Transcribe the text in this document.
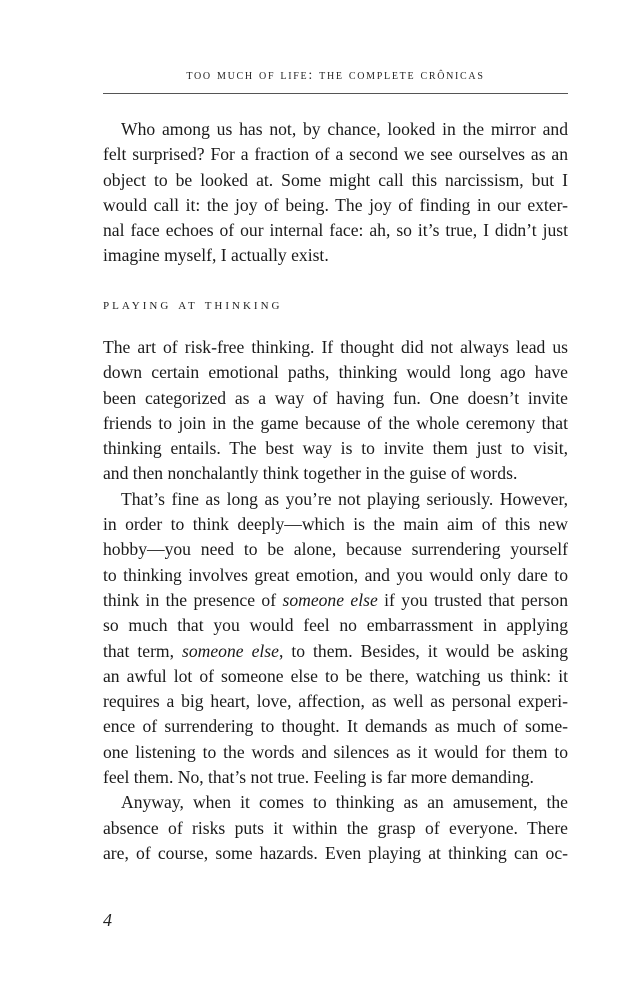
too much of life: the complete crônicas
Who among us has not, by chance, looked in the mirror and
felt surprised? For a fraction of a second we see ourselves as an
object to be looked at. Some might call this narcissism, but I
would call it: the joy of being. The joy of finding in our exter-
nal face echoes of our internal face: ah, so it’s true, I didn’t just
imagine myself, I actually exist.
playing at thinking
The art of risk-free thinking. If thought did not always lead us
down certain emotional paths, thinking would long ago have
been categorized as a way of having fun. One doesn’t invite
friends to join in the game because of the whole ceremony that
thinking entails. The best way is to invite them just to visit,
and then nonchalantly think together in the guise of words.
That’s fine as long as you’re not playing seriously. However,
in order to think deeply—which is the main aim of this new
hobby—you need to be alone, because surrendering yourself
to thinking involves great emotion, and you would only dare to
think in the presence of someone else if you trusted that person
so much that you would feel no embarrassment in applying
that term, someone else, to them. Besides, it would be asking
an awful lot of someone else to be there, watching us think: it
requires a big heart, love, affection, as well as personal experi-
ence of surrendering to thought. It demands as much of some-
one listening to the words and silences as it would for them to
feel them. No, that’s not true. Feeling is far more demanding.
Anyway, when it comes to thinking as an amusement, the
absence of risks puts it within the grasp of everyone. There
are, of course, some hazards. Even playing at thinking can oc-
4
